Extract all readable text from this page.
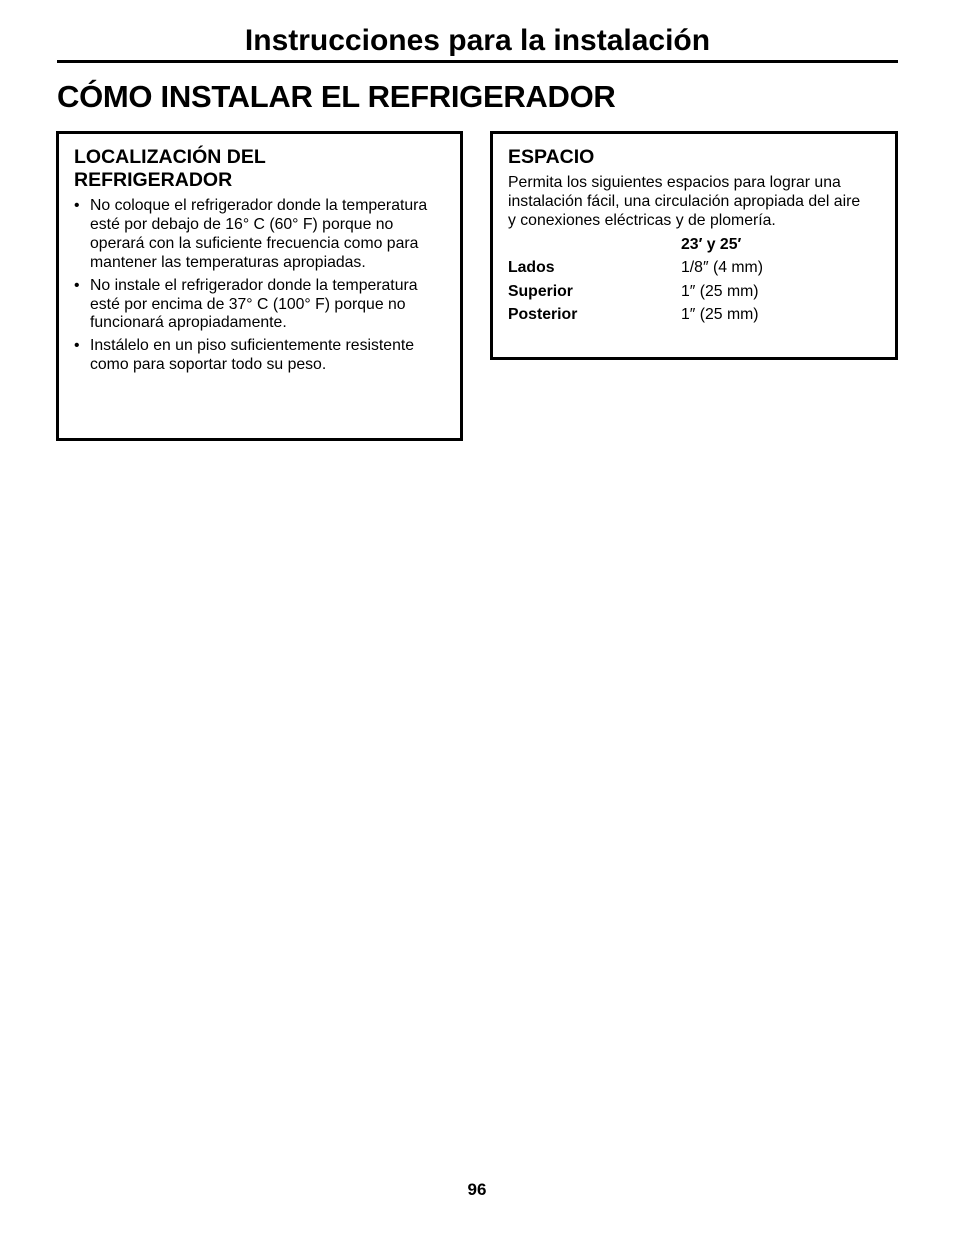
Instrucciones para la instalación
CÓMO INSTALAR EL REFRIGERADOR
LOCALIZACIÓN DEL
REFRIGERADOR
• No coloque el refrigerador donde la temperatura esté por debajo de 16° C (60° F) porque no operará con la suficiente frecuencia como para mantener las temperaturas apropiadas.
• No instale el refrigerador donde la temperatura esté por encima de 37° C (100° F) porque no funcionará apropiadamente.
• Instálelo en un piso suficientemente resistente como para soportar todo su peso.
ESPACIO

Permita los siguientes espacios para lograr una instalación fácil, una circulación apropiada del aire y conexiones eléctricas y de plomería.

	23′ y 25′
Lados	1/8″ (4 mm)
Superior	1″ (25 mm)
Posterior	1″ (25 mm)
96
